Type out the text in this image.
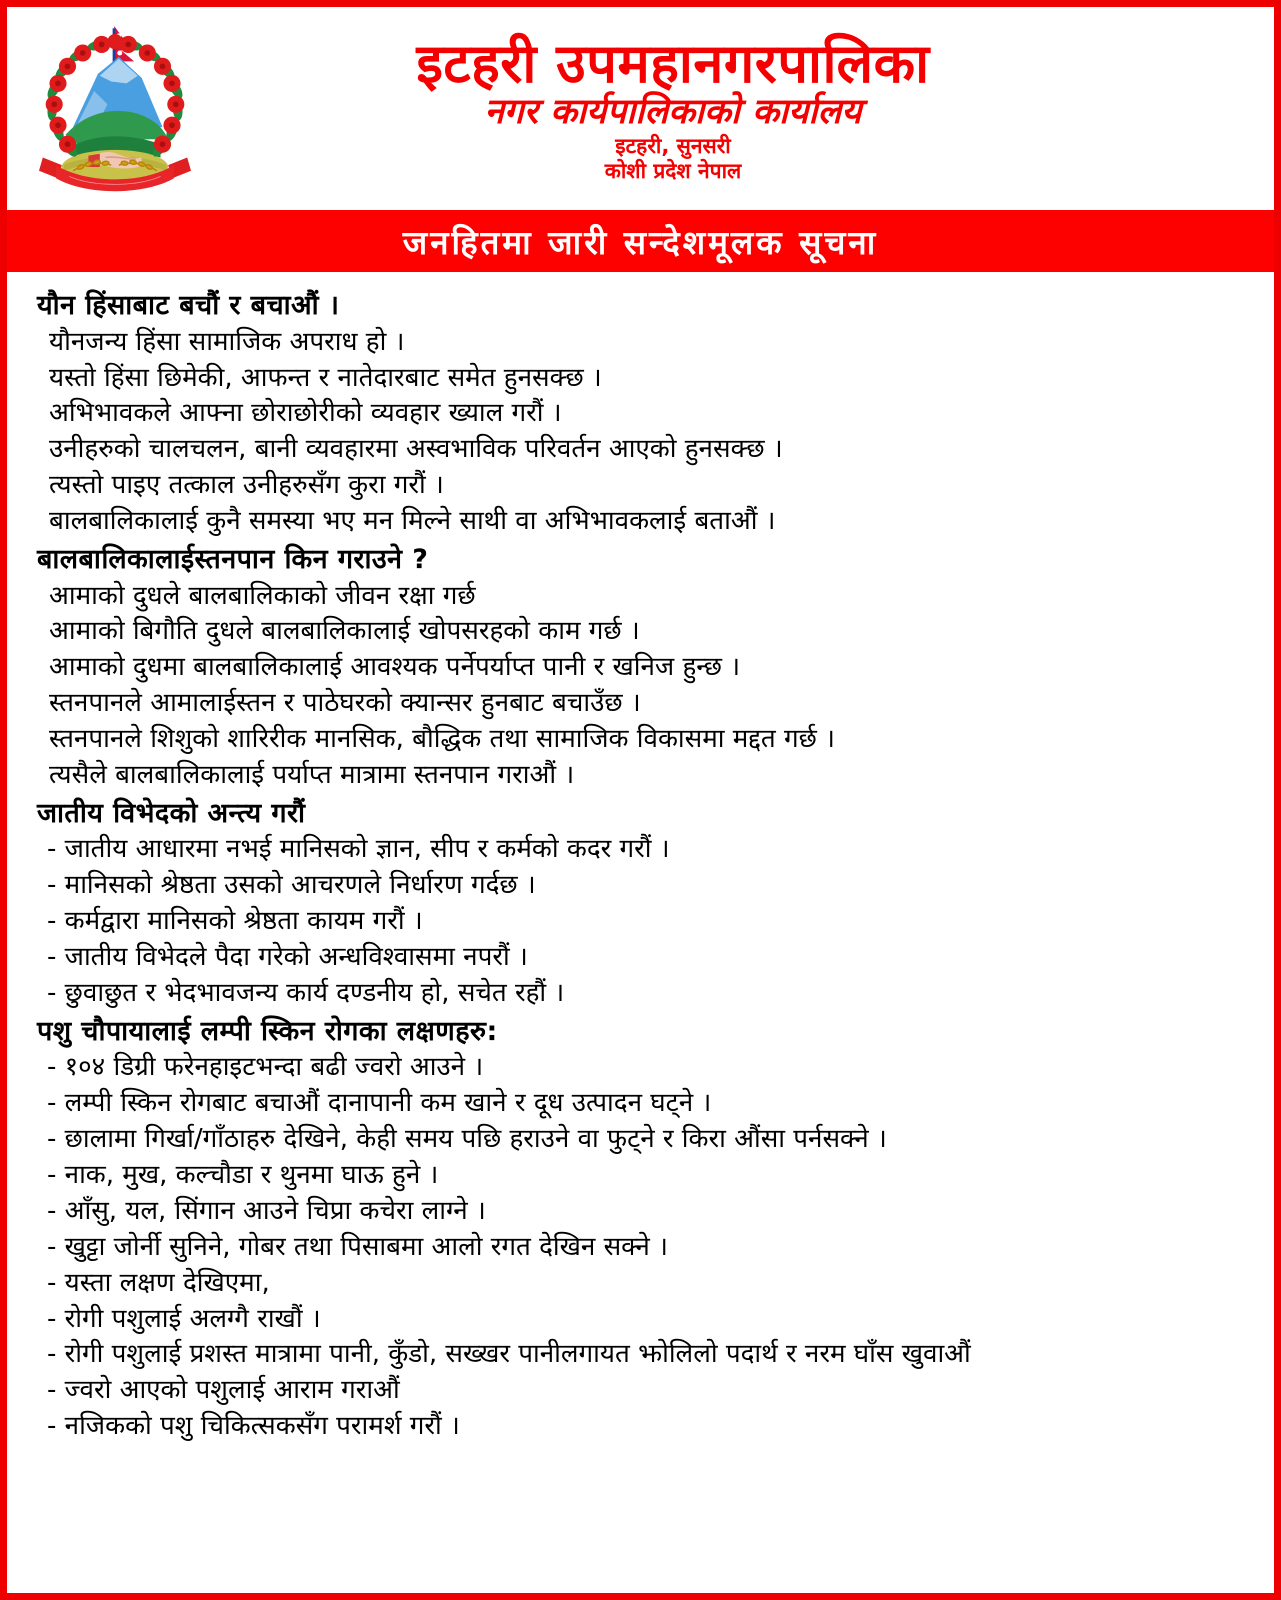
इटहरी उपमहानगरपालिका
नगर कार्यपालिकाको कार्यालय
इटहरी, सुनसरी
कोशी प्रदेश नेपाल
जनहितमा जारी सन्देशमूलक सूचना
यौन हिंसाबाट बचौं र बचाऔं ।
यौनजन्य हिंसा सामाजिक अपराध हो ।
यस्तो हिंसा छिमेकी, आफन्त र नातेदारबाट समेत हुनसक्छ ।
अभिभावकले आफ्ना छोराछोरीको व्यवहार ख्याल गरौं ।
उनीहरुको चालचलन, बानी व्यवहारमा अस्वभाविक परिवर्तन आएको हुनसक्छ ।
त्यस्तो पाइए तत्काल उनीहरुसँग कुरा गरौं ।
बालबालिकालाई कुनै समस्या भए मन मिल्ने साथी वा अभिभावकलाई बताऔं ।
बालबालिकालाईस्तनपान किन गराउने ?
आमाको दुधले बालबालिकाको जीवन रक्षा गर्छ
आमाको बिगौति दुधले बालबालिकालाई खोपसरहको काम गर्छ ।
आमाको दुधमा बालबालिकालाई आवश्यक पर्नेपर्याप्त पानी र खनिज हुन्छ ।
स्तनपानले आमालाईस्तन र पाठेघरको क्यान्सर हुनबाट बचाउँछ ।
स्तनपानले शिशुको शारिरीक मानसिक, बौद्धिक तथा सामाजिक विकासमा मद्दत गर्छ ।
त्यसैले बालबालिकालाई पर्याप्त मात्रामा स्तनपान गराऔं ।
जातीय विभेदको अन्त्य गरौं
- जातीय आधारमा नभई मानिसको ज्ञान, सीप र कर्मको कदर गरौं ।
- मानिसको श्रेष्ठता उसको आचरणले निर्धारण गर्दछ ।
- कर्मद्वारा मानिसको श्रेष्ठता कायम गरौं ।
- जातीय विभेदले पैदा गरेको अन्धविश्वासमा नपरौं ।
- छुवाछुत र भेदभावजन्य कार्य दण्डनीय हो, सचेत रहौं ।
पशु चौपायालाई लम्पी स्किन रोगका लक्षणहरु:
- १०४ डिग्री फरेनहाइटभन्दा बढी ज्वरो आउने ।
- लम्पी स्किन रोगबाट बचाऔं दानापानी कम खाने र दूध उत्पादन घट्ने ।
- छालामा गिर्खा/गाँठाहरु देखिने, केही समय पछि हराउने वा फुट्ने र किरा औंसा पर्नसक्ने ।
- नाक, मुख, कल्चौडा र थुनमा घाऊ हुने ।
- आँसु, यल, सिंगान आउने चिप्रा कचेरा लाग्ने ।
- खुट्टा जोर्नी सुनिने, गोबर तथा पिसाबमा आलो रगत देखिन सक्ने ।
- यस्ता लक्षण देखिएमा,
- रोगी पशुलाई अलग्गै राखौं ।
- रोगी पशुलाई प्रशस्त मात्रामा पानी, कुँडो, सख्खर पानीलगायत झोलिलो पदार्थ र नरम घाँस खुवाऔं
- ज्वरो आएको पशुलाई आराम गराऔं
- नजिकको पशु चिकित्सकसँग परामर्श गरौं ।
